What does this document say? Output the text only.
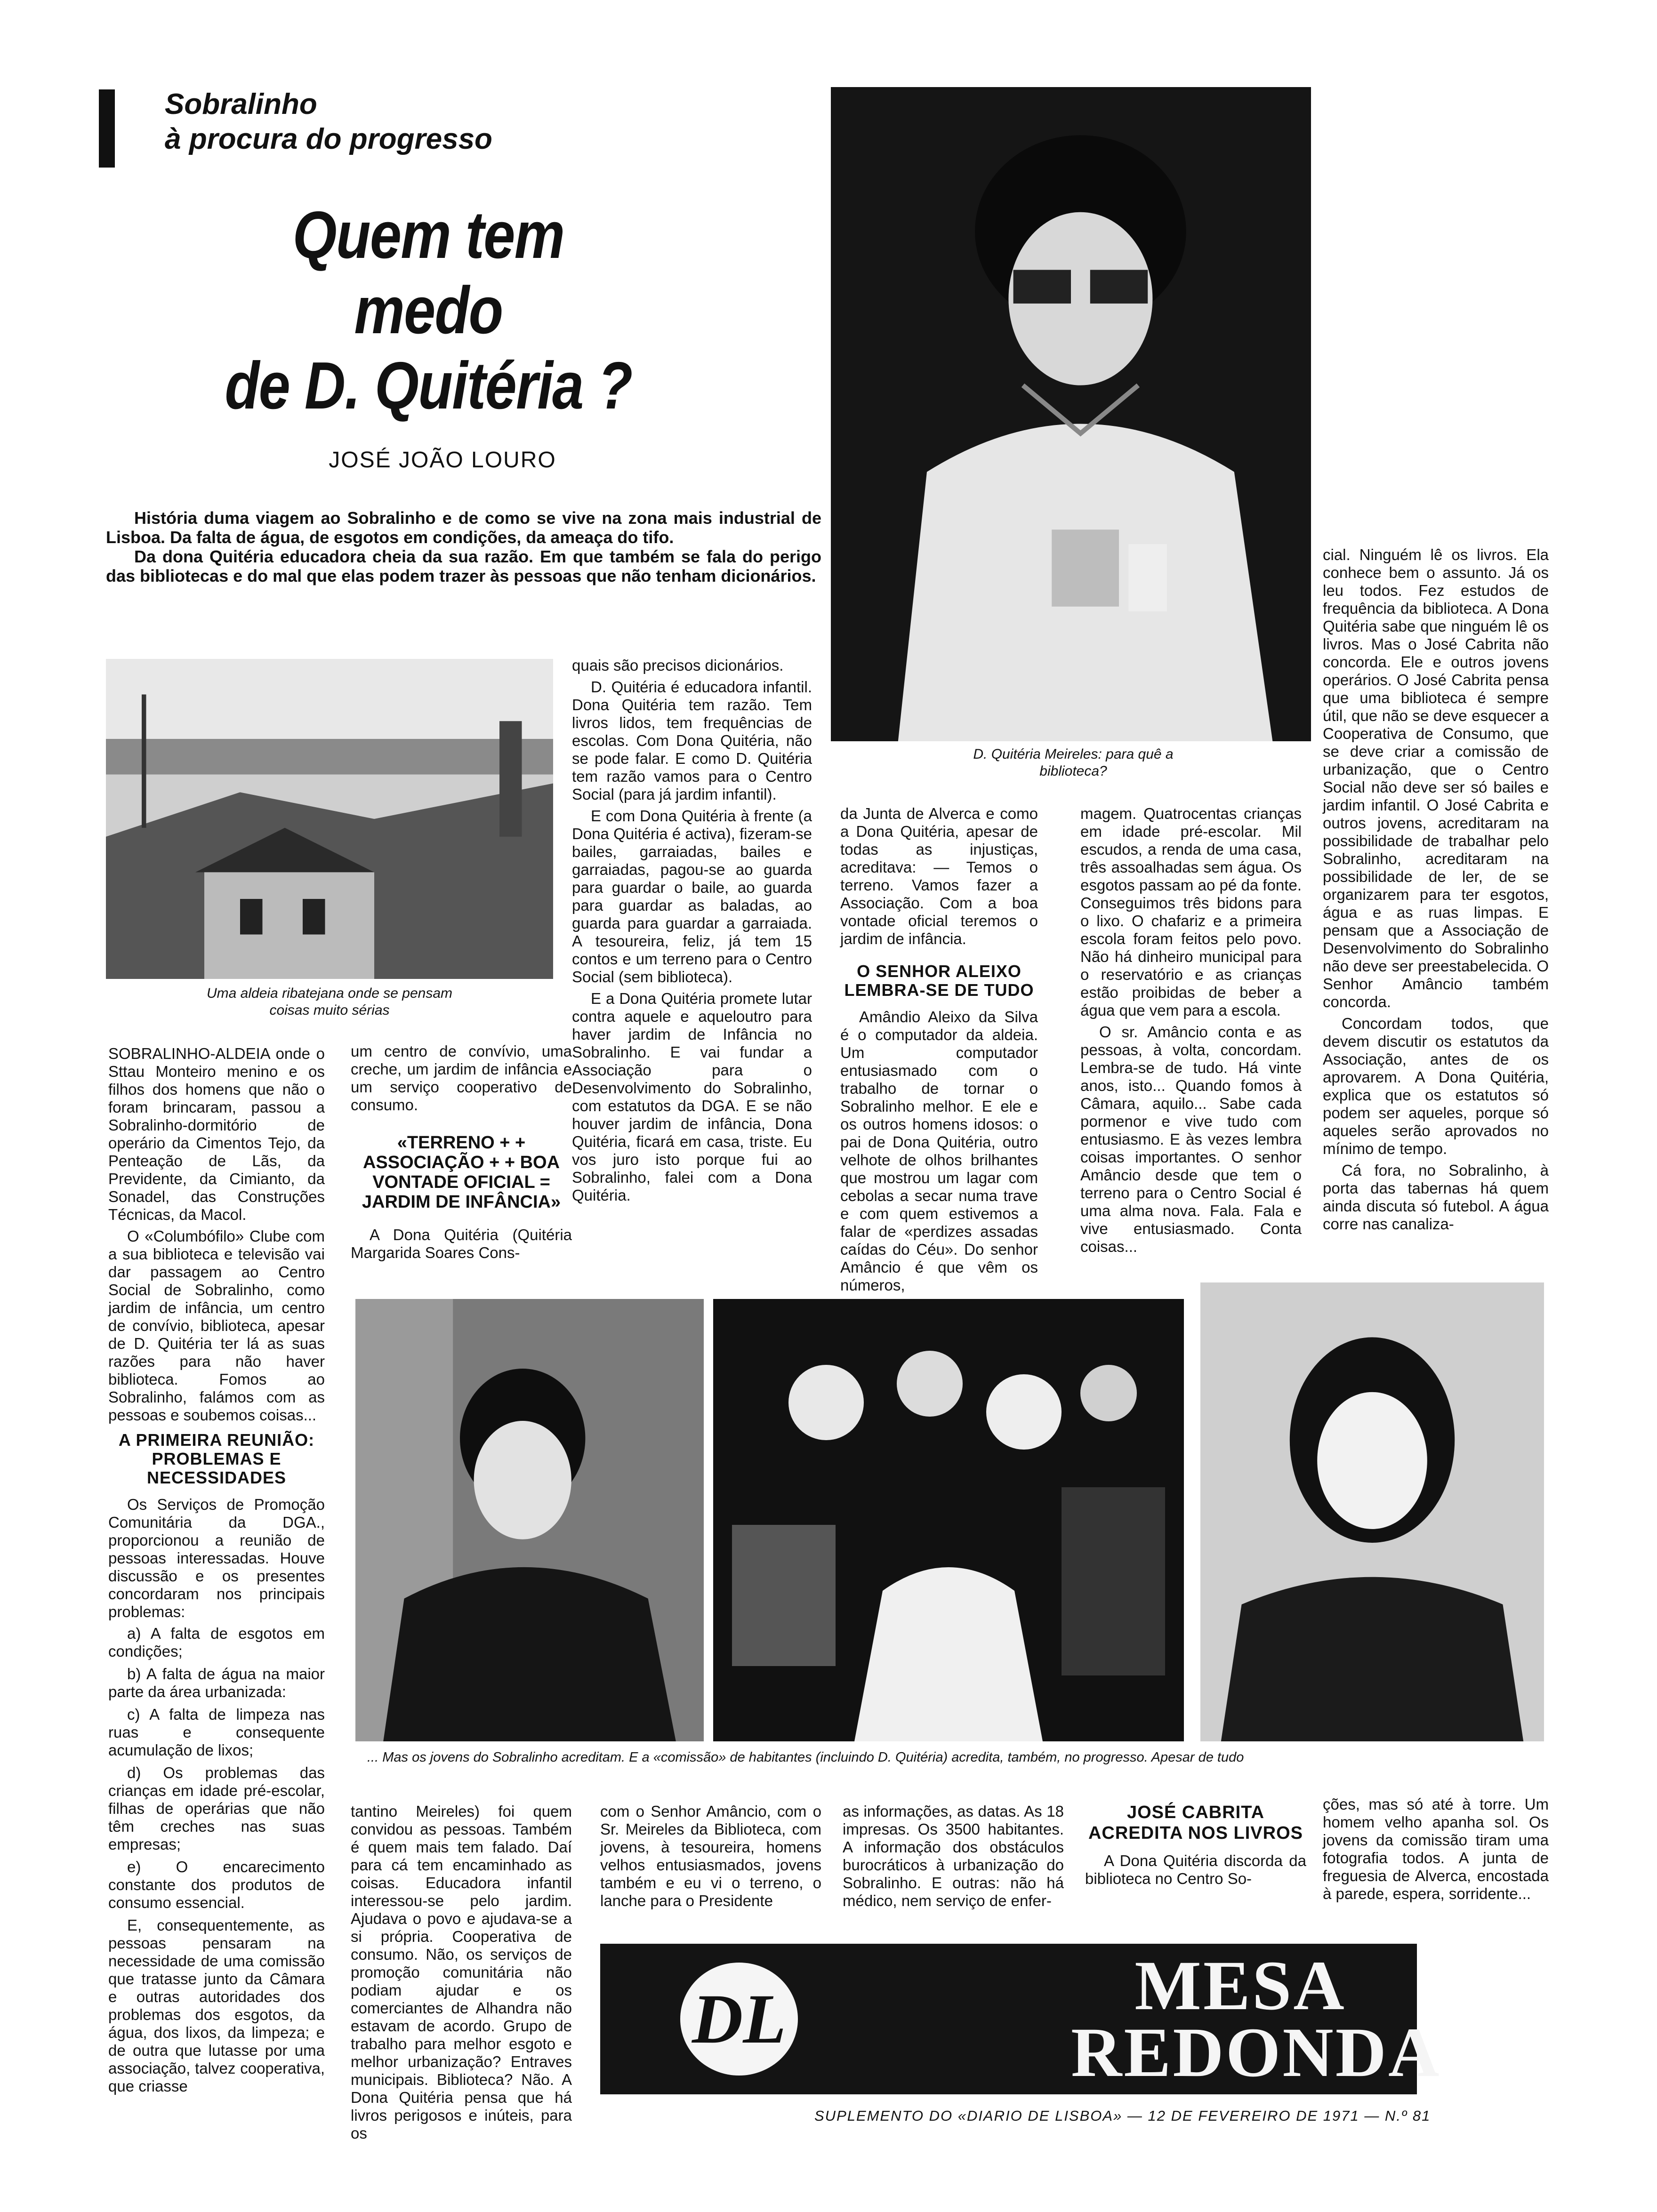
Sobralinho
à procura do progresso
Quem tem
medo
de D. Quitéria ?
JOSÉ JOÃO LOURO

História duma viagem ao Sobralinho e de como se vive na zona mais industrial de Lisboa. Da falta de água, de esgotos em condições, da ameaça do tifo.

Da dona Quitéria educadora cheia da sua razão. Em que também se fala do perigo das bibliotecas e do mal que elas podem trazer às pessoas que não tenham dicionários.

D. Quitéria Meireles: para quê a biblioteca?
Uma aldeia ribatejana onde se pensam coisas muito sérias

SOBRALINHO-ALDEIA onde o Sttau Monteiro menino e os filhos dos homens que não o foram brincaram, passou a Sobralinho-dormitório de operário da Cimentos Tejo, da Penteação de Lãs, da Previdente, da Cimianto, da Sonadel, das Construções Técnicas, da Macol.

O «Columbófilo» Clube com a sua biblioteca e televisão vai dar passagem ao Centro Social de Sobralinho, como jardim de infância, um centro de convívio, biblioteca, apesar de D. Quitéria ter lá as suas razões para não haver biblioteca. Fomos ao Sobralinho, falámos com as pessoas e soubemos coisas...

A PRIMEIRA REUNIÃO: PROBLEMAS E NECESSIDADES

Os Serviços de Promoção Comunitária da DGA., proporcionou a reunião de pessoas interessadas. Houve discussão e os presentes concordaram nos principais problemas:

a) A falta de esgotos em condições;

b) A falta de água na maior parte da área urbanizada:

c) A falta de limpeza nas ruas e consequente acumulação de lixos;

d) Os problemas das crianças em idade pré-escolar, filhas de operárias que não têm creches nas suas empresas;

e) O encarecimento constante dos produtos de consumo essencial.

E, consequentemente, as pessoas pensaram na necessidade de uma comissão que tratasse junto da Câmara e outras autoridades dos problemas dos esgotos, da água, dos lixos, da limpeza; e de outra que lutasse por uma associação, talvez cooperativa, que criasse

um centro de convívio, uma creche, um jardim de infância e um serviço cooperativo de consumo.

«TERRENO + + ASSOCIAÇÃO + + BOA VONTADE OFICIAL = JARDIM DE INFÂNCIA»

A Dona Quitéria (Quitéria Margarida Soares Cons-

quais são precisos dicionários.

D. Quitéria é educadora infantil. Dona Quitéria tem razão. Tem livros lidos, tem frequências de escolas. Com Dona Quitéria, não se pode falar. E como D. Quitéria tem razão vamos para o Centro Social (para já jardim infantil).

E com Dona Quitéria à frente (a Dona Quitéria é activa), fizeram-se bailes, garraiadas, bailes e garraiadas, pagou-se ao guarda para guardar o baile, ao guarda para guardar as baladas, ao guarda para guardar a garraiada. A tesoureira, feliz, já tem 15 contos e um terreno para o Centro Social (sem biblioteca).

E a Dona Quitéria promete lutar contra aquele e aqueloutro para haver jardim de Infância no Sobralinho. E vai fundar a Associação para o Desenvolvimento do Sobralinho, com estatutos da DGA. E se não houver jardim de infância, Dona Quitéria, ficará em casa, triste. Eu vos juro isto porque fui ao Sobralinho, falei com a Dona Quitéria.

da Junta de Alverca e como a Dona Quitéria, apesar de todas as injustiças, acreditava: — Temos o terreno. Vamos fazer a Associação. Com a boa vontade oficial teremos o jardim de infância.

O SENHOR ALEIXO LEMBRA-SE DE TUDO

Amândio Aleixo da Silva é o computador da aldeia. Um computador entusiasmado com o trabalho de tornar o Sobralinho melhor. E ele e os outros homens idosos: o pai de Dona Quitéria, outro velhote de olhos brilhantes que mostrou um lagar com cebolas a secar numa trave e com quem estivemos a falar de «perdizes assadas caídas do Céu». Do senhor Amâncio é que vêm os números,

magem. Quatrocentas crianças em idade pré-escolar. Mil escudos, a renda de uma casa, três assoalhadas sem água. Os esgotos passam ao pé da fonte. Conseguimos três bidons para o lixo. O chafariz e a primeira escola foram feitos pelo povo. Não há dinheiro municipal para o reservatório e as crianças estão proibidas de beber a água que vem para a escola.

O sr. Amâncio conta e as pessoas, à volta, concordam. Lembra-se de tudo. Há vinte anos, isto... Quando fomos à Câmara, aquilo... Sabe cada pormenor e vive tudo com entusiasmo. E às vezes lembra coisas importantes. O senhor Amâncio desde que tem o terreno para o Centro Social é uma alma nova. Fala. Fala e vive entusiasmado. Conta coisas...

cial. Ninguém lê os livros. Ela conhece bem o assunto. Já os leu todos. Fez estudos de frequência da biblioteca. A Dona Quitéria sabe que ninguém lê os livros. Mas o José Cabrita não concorda. Ele e outros jovens operários. O José Cabrita pensa que uma biblioteca é sempre útil, que não se deve esquecer a Cooperativa de Consumo, que se deve criar a comissão de urbanização, que o Centro Social não deve ser só bailes e jardim infantil. O José Cabrita e outros jovens, acreditaram na possibilidade de trabalhar pelo Sobralinho, acreditaram na possibilidade de ler, de se organizarem para ter esgotos, água e as ruas limpas. E pensam que a Associação de Desenvolvimento do Sobralinho não deve ser preestabelecida. O Senhor Amâncio também concorda.

Concordam todos, que devem discutir os estatutos da Associação, antes de os aprovarem. A Dona Quitéria, explica que os estatutos só podem ser aqueles, porque só aqueles serão aprovados no mínimo de tempo.

Cá fora, no Sobralinho, à porta das tabernas há quem ainda discuta só futebol. A água corre nas canaliza-

... Mas os jovens do Sobralinho acreditam. E a «comissão» de habitantes (incluindo D. Quitéria) acredita, também, no progresso. Apesar de tudo

tantino Meireles) foi quem convidou as pessoas. Também é quem mais tem falado. Daí para cá tem encaminhado as coisas. Educadora infantil interessou-se pelo jardim. Ajudava o povo e ajudava-se a si própria. Cooperativa de consumo. Não, os serviços de promoção comunitária não podiam ajudar e os comerciantes de Alhandra não estavam de acordo. Grupo de trabalho para melhor esgoto e melhor urbanização? Entraves municipais. Biblioteca? Não. A Dona Quitéria pensa que há livros perigosos e inúteis, para os

com o Senhor Amâncio, com o Sr. Meireles da Biblioteca, com jovens, à tesoureira, homens velhos entusiasmados, jovens também e eu vi o terreno, o lanche para o Presidente

as informações, as datas. As 18 impresas. Os 3500 habitantes. A informação dos obstáculos burocráticos à urbanização do Sobralinho. E outras: não há médico, nem serviço de enfer-

JOSÉ CABRITA ACREDITA NOS LIVROS

A Dona Quitéria discorda da biblioteca no Centro So-

ções, mas só até à torre. Um homem velho apanha sol. Os jovens da comissão tiram uma fotografia todos. A junta de freguesia de Alverca, encostada à parede, espera, sorridente...

DL	MESA
REDONDA
SUPLEMENTO DO «DIARIO DE LISBOA» — 12 DE FEVEREIRO DE 1971 — N.º 81
